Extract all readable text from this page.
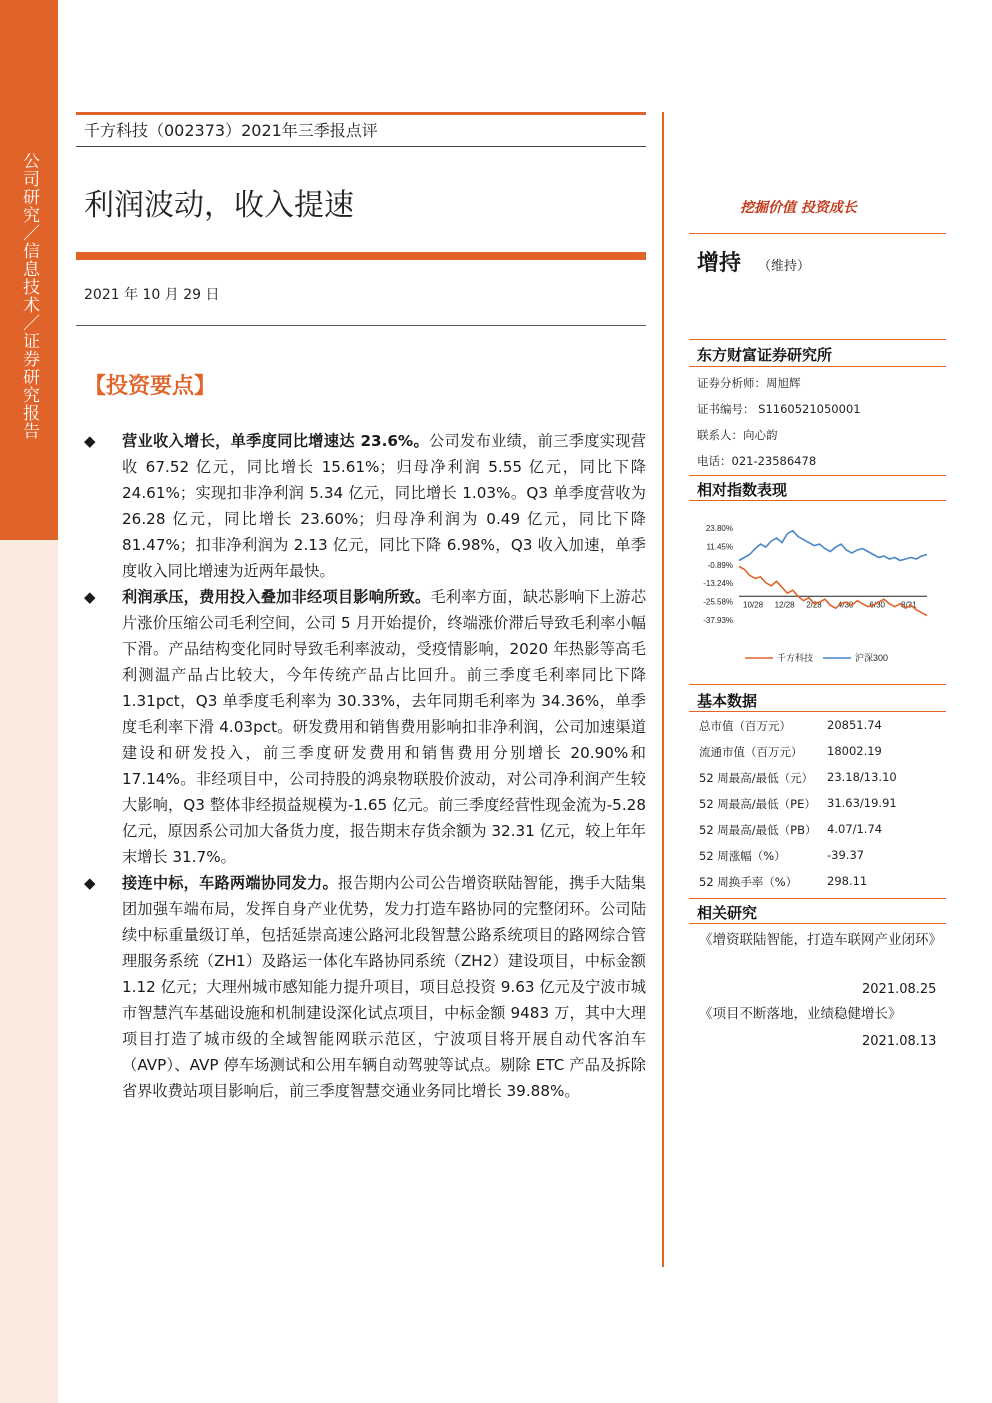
公司研究／信息技术／证券研究报告
千方科技（002373）2021年三季报点评
利润波动，收入提速
2021 年 10 月 29 日
【投资要点】
◆ 营业收入增长，单季度同比增速达 23.6%。公司发布业绩，前三季度实现营收 67.52 亿元，同比增长 15.61%；归母净利润 5.55 亿元，同比下降 24.61%；实现扣非净利润 5.34 亿元，同比增长 1.03%。Q3 单季度营收为 26.28 亿元，同比增长 23.60%；归母净利润为 0.49 亿元，同比下降 81.47%；扣非净利润为 2.13 亿元，同比下降 6.98%，Q3 收入加速，单季度收入同比增速为近两年最快。
◆ 利润承压，费用投入叠加非经项目影响所致。毛利率方面，缺芯影响下上游芯片涨价压缩公司毛利空间，公司 5 月开始提价，终端涨价滞后导致毛利率小幅下滑。产品结构变化同时导致毛利率波动，受疫情影响，2020 年热影等高毛利测温产品占比较大，今年传统产品占比回升。前三季度毛利率同比下降 1.31pct，Q3 单季度毛利率为 30.33%，去年同期毛利率为 34.36%，单季度毛利率下滑 4.03pct。研发费用和销售费用影响扣非净利润，公司加速渠道建设和研发投入，前三季度研发费用和销售费用分别增长 20.90%和 17.14%。非经项目中，公司持股的鸿泉物联股价波动，对公司净利润产生较大影响，Q3 整体非经损益规模为-1.65 亿元。前三季度经营性现金流为-5.28 亿元，原因系公司加大备货力度，报告期末存货余额为 32.31 亿元，较上年年末增长 31.7%。
◆ 接连中标，车路两端协同发力。报告期内公司公告增资联陆智能，携手大陆集团加强车端布局，发挥自身产业优势，发力打造车路协同的完整闭环。公司陆续中标重量级订单，包括延崇高速公路河北段智慧公路系统项目的路网综合管理服务系统（ZH1）及路运一体化车路协同系统（ZH2）建设项目，中标金额 1.12 亿元；大理州城市感知能力提升项目，项目总投资 9.63 亿元及宁波市城市智慧汽车基础设施和机制建设深化试点项目，中标金额 9483 万，其中大理项目打造了城市级的全域智能网联示范区，宁波项目将开展自动代客泊车（AVP）、AVP 停车场测试和公用车辆自动驾驶等试点。剔除 ETC 产品及拆除省界收费站项目影响后，前三季度智慧交通业务同比增长 39.88%。
挖掘价值 投资成长
增持 （维持）
东方财富证券研究所
证券分析师：周旭辉
证书编号： S1160521050001
联系人：向心韵
电话：021-23586478
相对指数表现
23.80%
11.45%
-0.89%
-13.24%
-25.58%
-37.93%
10/28 12/28 2/28 4/30 6/30 8/31
千方科技	沪深300
基本数据
总市值（百万元）	20851.74
流通市值（百万元） 18002.19
52 周最高/最低（元） 23.18/13.10
52 周最高/最低（PE） 31.63/19.91
52 周最高/最低（PB） 4.07/1.74
52 周涨幅（%）	-39.37
52 周换手率（%）	298.11
相关研究
《增资联陆智能，打造车联网产业闭环》
2021.08.25
《项目不断落地，业绩稳健增长》
2021.08.13
